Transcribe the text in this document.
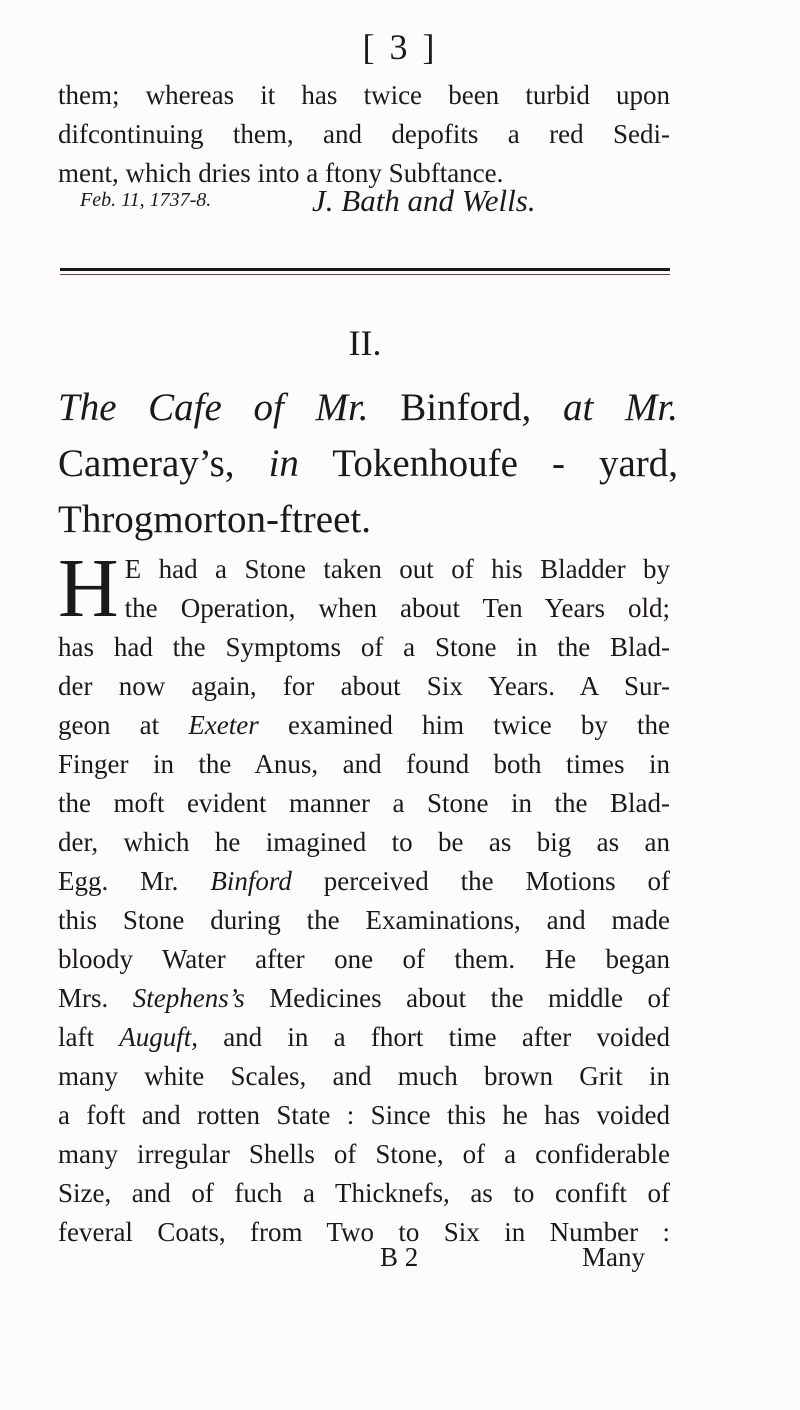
[ 3 ]
them; whereas it has twice been turbid upon
difcontinuing them, and depofits a red Sedi-
ment, which dries into a ftony Subftance.
Feb. 11, 1737-8.	J. Bath and Wells.
II.
The Cafe of Mr. Binford, at Mr.
Cameray’s, in Tokenhoufe - yard,
Throgmorton-ftreet.
H E had a Stone taken out of his Bladder by
the Operation, when about Ten Years old;
has had the Symptoms of a Stone in the Blad-
der now again, for about Six Years. A Sur-
geon at Exeter examined him twice by the
Finger in the Anus, and found both times in
the moft evident manner a Stone in the Blad-
der, which he imagined to be as big as an
Egg. Mr. Binford perceived the Motions of
this Stone during the Examinations, and made
bloody Water after one of them. He began
Mrs. Stephens’s Medicines about the middle of
laft Auguft, and in a fhort time after voided
many white Scales, and much brown Grit in
a foft and rotten State : Since this he has voided
many irregular Shells of Stone, of a confiderable
Size, and of fuch a Thicknefs, as to confift of
feveral Coats, from Two to Six in Number :
B 2	Many
